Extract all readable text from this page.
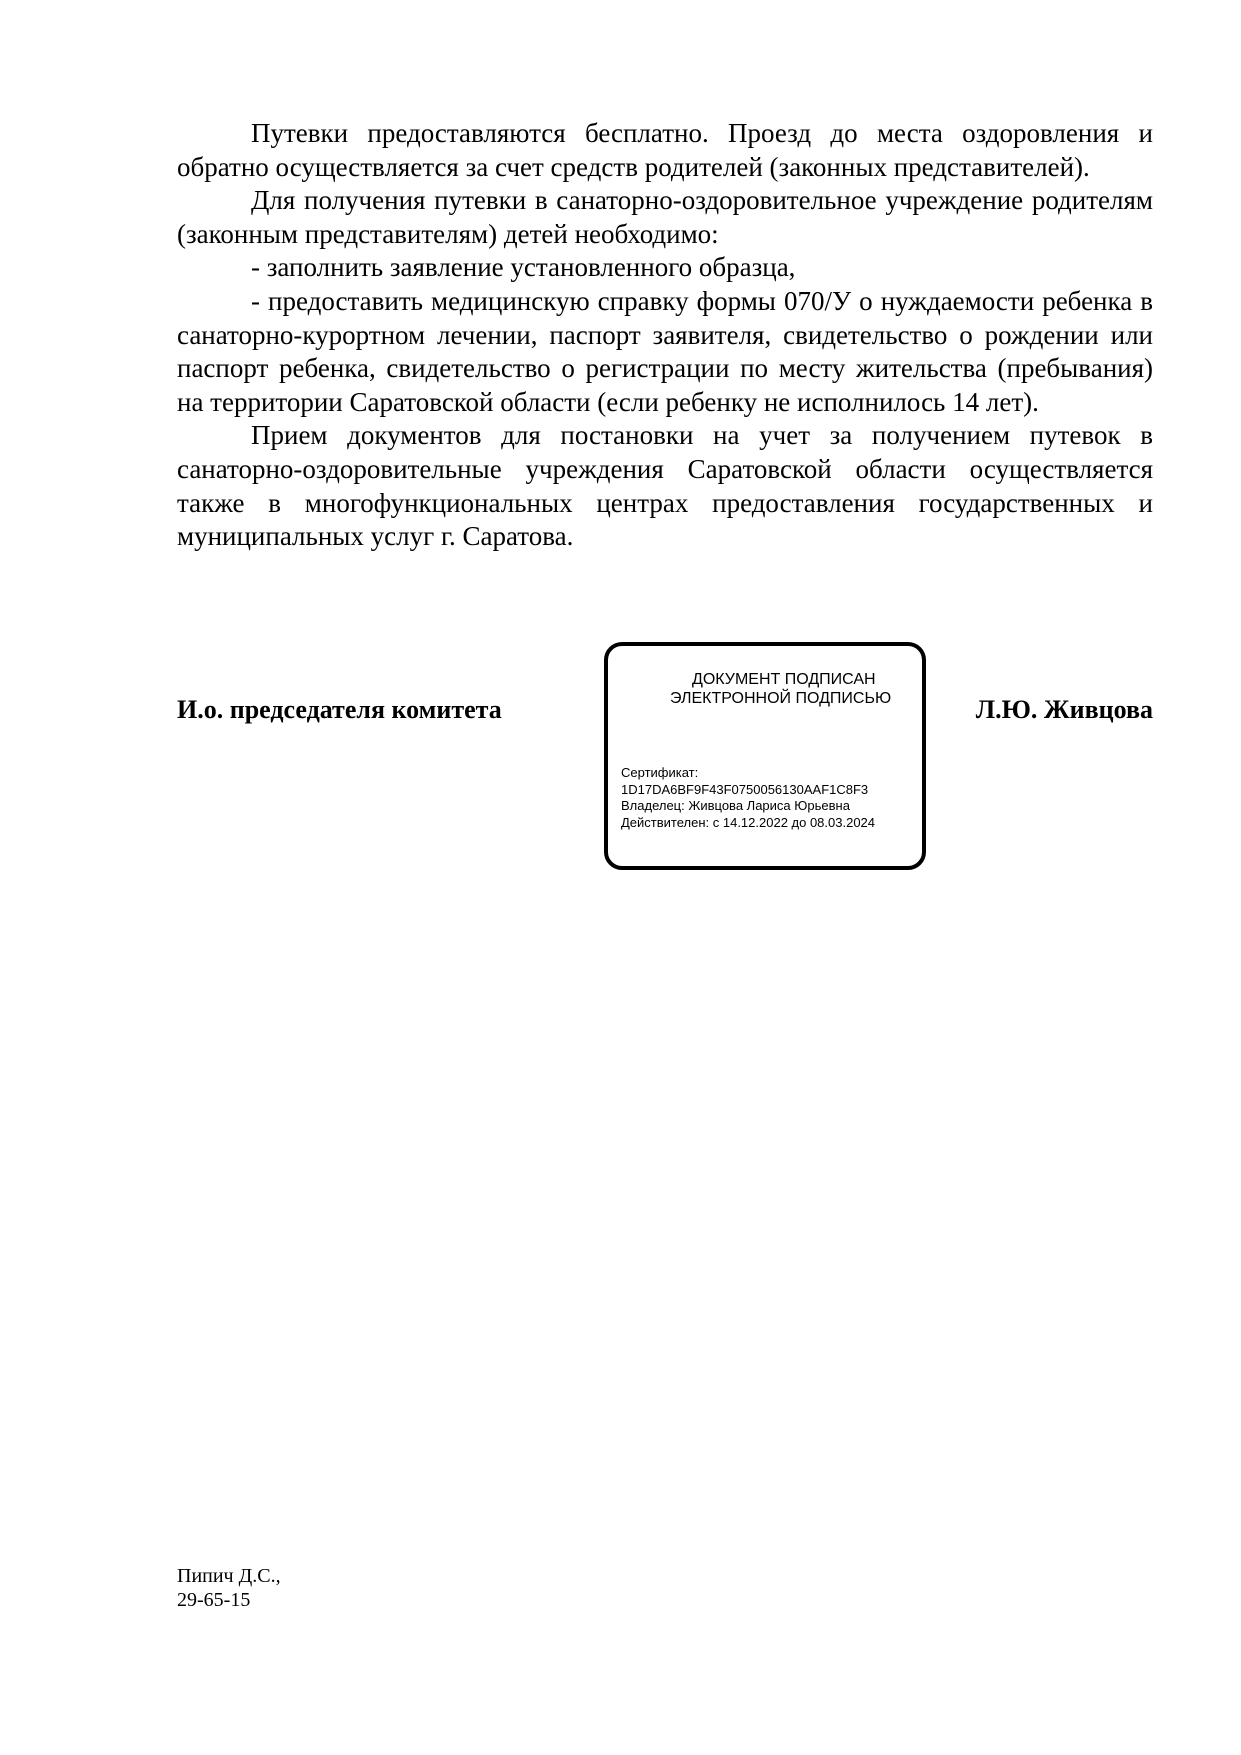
Путевки предоставляются бесплатно. Проезд до места оздоровления и обратно осуществляется за счет средств родителей (законных представителей).

Для получения путевки в санаторно-оздоровительное учреждение родителям (законным представителям) детей необходимо:

- заполнить заявление установленного образца,

- предоставить медицинскую справку формы 070/У о нуждаемости ребенка в санаторно-курортном лечении, паспорт заявителя, свидетельство о рождении или паспорт ребенка, свидетельство о регистрации по месту жительства (пребывания) на территории Саратовской области (если ребенку не исполнилось 14 лет).

Прием документов для постановки на учет за получением путевок в санаторно-оздоровительные учреждения Саратовской области осуществляется также в многофункциональных центрах предоставления государственных и муниципальных услуг г. Саратова.

И.о. председателя комитета	Л.Ю. Живцова
ДОКУМЕНТ ПОДПИСАН ЭЛЕКТРОННОЙ ПОДПИСЬЮ
Сертификат:
1D17DA6BF9F43F0750056130AAF1C8F3
Владелец: Живцова Лариса Юрьевна
Действителен: с 14.12.2022 до 08.03.2024
Пипич Д.С.,
29-65-15
